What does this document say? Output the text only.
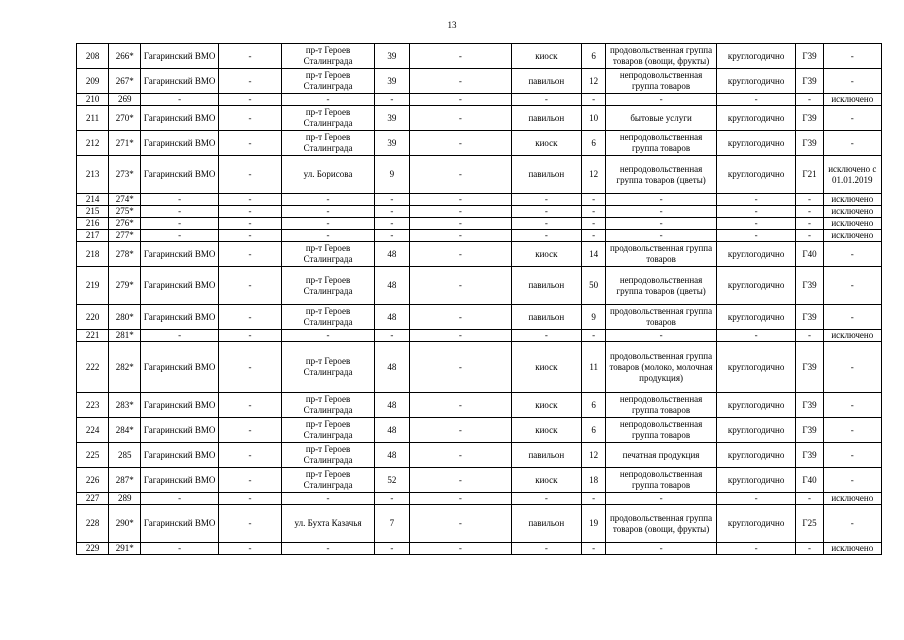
13
208	266*	Гагаринский ВМО	-	пр-т Героев Сталинграда	39	-	киоск	6	продовольственная группа товаров (овощи, фрукты)	круглогодично	Г39	-
209	267*	Гагаринский ВМО	-	пр-т Героев Сталинграда	39	-	павильон	12	непродовольственная группа товаров	круглогодично	Г39	-
210	269	-	-	-	-	-	-	-	-	-	-	исключено
211	270*	Гагаринский ВМО	-	пр-т Героев Сталинграда	39	-	павильон	10	бытовые услуги	круглогодично	Г39	-
212	271*	Гагаринский ВМО	-	пр-т Героев Сталинграда	39	-	киоск	6	непродовольственная группа товаров	круглогодично	Г39	-
213	273*	Гагаринский ВМО	-	ул. Борисова	9	-	павильон	12	непродовольственная группа товаров (цветы)	круглогодично	Г21	исключено с 01.01.2019
214	274*	-	-	-	-	-	-	-	-	-	-	исключено
215	275*	-	-	-	-	-	-	-	-	-	-	исключено
216	276*	-	-	-	-	-	-	-	-	-	-	исключено
217	277*	-	-	-	-	-	-	-	-	-	-	исключено
218	278*	Гагаринский ВМО	-	пр-т Героев Сталинграда	48	-	киоск	14	продовольственная группа товаров	круглогодично	Г40	-
219	279*	Гагаринский ВМО	-	пр-т Героев Сталинграда	48	-	павильон	50	непродовольственная группа товаров (цветы)	круглогодично	Г39	-
220	280*	Гагаринский ВМО	-	пр-т Героев Сталинграда	48	-	павильон	9	продовольственная группа товаров	круглогодично	Г39	-
221	281*	-	-	-	-	-	-	-	-	-	-	исключено
222	282*	Гагаринский ВМО	-	пр-т Героев Сталинграда	48	-	киоск	11	продовольственная группа товаров (молоко, молочная продукция)	круглогодично	Г39	-
223	283*	Гагаринский ВМО	-	пр-т Героев Сталинграда	48	-	киоск	6	непродовольственная группа товаров	круглогодично	Г39	-
224	284*	Гагаринский ВМО	-	пр-т Героев Сталинграда	48	-	киоск	6	непродовольственная группа товаров	круглогодично	Г39	-
225	285	Гагаринский ВМО	-	пр-т Героев Сталинграда	48	-	павильон	12	печатная продукция	круглогодично	Г39	-
226	287*	Гагаринский ВМО	-	пр-т Героев Сталинграда	52	-	киоск	18	непродовольственная группа товаров	круглогодично	Г40	-
227	289	-	-	-	-	-	-	-	-	-	-	исключено
228	290*	Гагаринский ВМО	-	ул. Бухта Казачья	7	-	павильон	19	продовольственная группа товаров (овощи, фрукты)	круглогодично	Г25	-
229	291*	-	-	-	-	-	-	-	-	-	-	исключено
